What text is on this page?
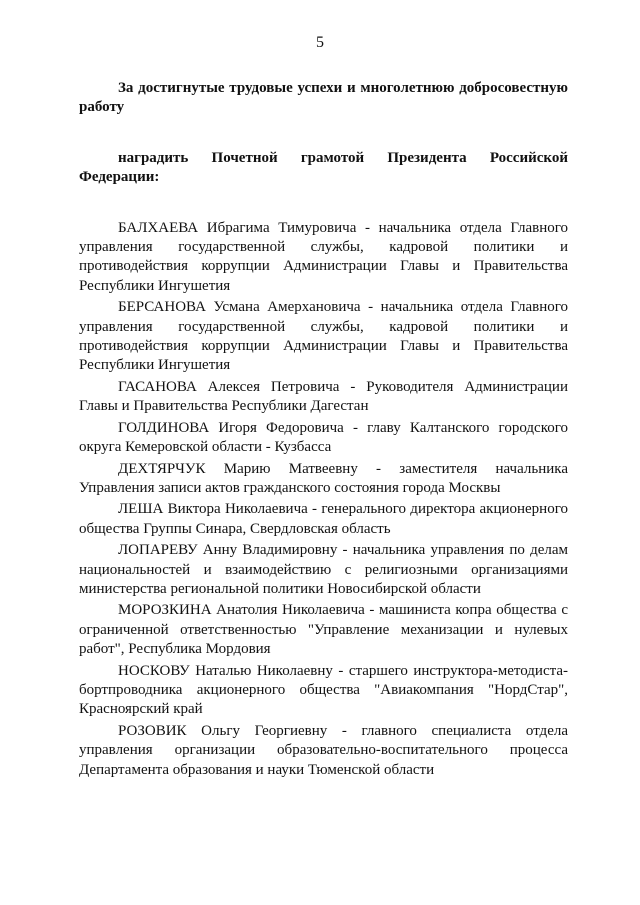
5

За достигнутые трудовые успехи и многолетнюю добросовестную работу

наградить Почетной грамотой Президента Российской Федерации:

БАЛХАЕВА Ибрагима Тимуровича - начальника отдела Главного управления государственной службы, кадровой политики и противодействия коррупции Администрации Главы и Правительства Республики Ингушетия

БЕРСАНОВА Усмана Амерхановича - начальника отдела Главного управления государственной службы, кадровой политики и противодействия коррупции Администрации Главы и Правительства Республики Ингушетия

ГАСАНОВА Алексея Петровича - Руководителя Администрации Главы и Правительства Республики Дагестан

ГОЛДИНОВА Игоря Федоровича - главу Калтанского городского округа Кемеровской области - Кузбасса

ДЕХТЯРЧУК Марию Матвеевну - заместителя начальника Управления записи актов гражданского состояния города Москвы

ЛЕША Виктора Николаевича - генерального директора акционерного общества Группы Синара, Свердловская область

ЛОПАРЕВУ Анну Владимировну - начальника управления по делам национальностей и взаимодействию с религиозными организациями министерства региональной политики Новосибирской области

МОРОЗКИНА Анатолия Николаевича - машиниста копра общества с ограниченной ответственностью "Управление механизации и нулевых работ", Республика Мордовия

НОСКОВУ Наталью Николаевну - старшего инструктора-методиста-бортпроводника акционерного общества "Авиакомпания "НордСтар", Красноярский край

РОЗОВИК Ольгу Георгиевну - главного специалиста отдела управления организации образовательно-воспитательного процесса Департамента образования и науки Тюменской области
